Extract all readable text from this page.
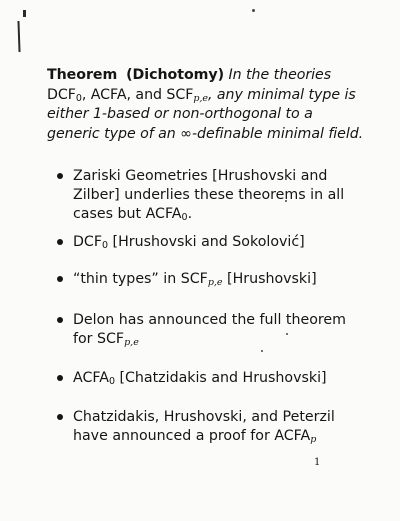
Theorem (Dichotomy) In the theories $DCF_0$, ACFA, and $SCF_{p,e}$, any minimal type is either 1-based or non-orthogonal to a generic type of an ∞-definable minimal field.
Zariski Geometries [Hrushovski and Zilber] underlies these theorems in all cases but $ACFA_0$.
$DCF_0$ [Hrushovski and Sokolović]
“thin types” in $SCF_{p,e}$ [Hrushovski]
Delon has announced the full theorem for $SCF_{p,e}$
$ACFA_0$ [Chatzidakis and Hrushovski]
Chatzidakis, Hrushovski, and Peterzil have announced a proof for $ACFA_p$
1
